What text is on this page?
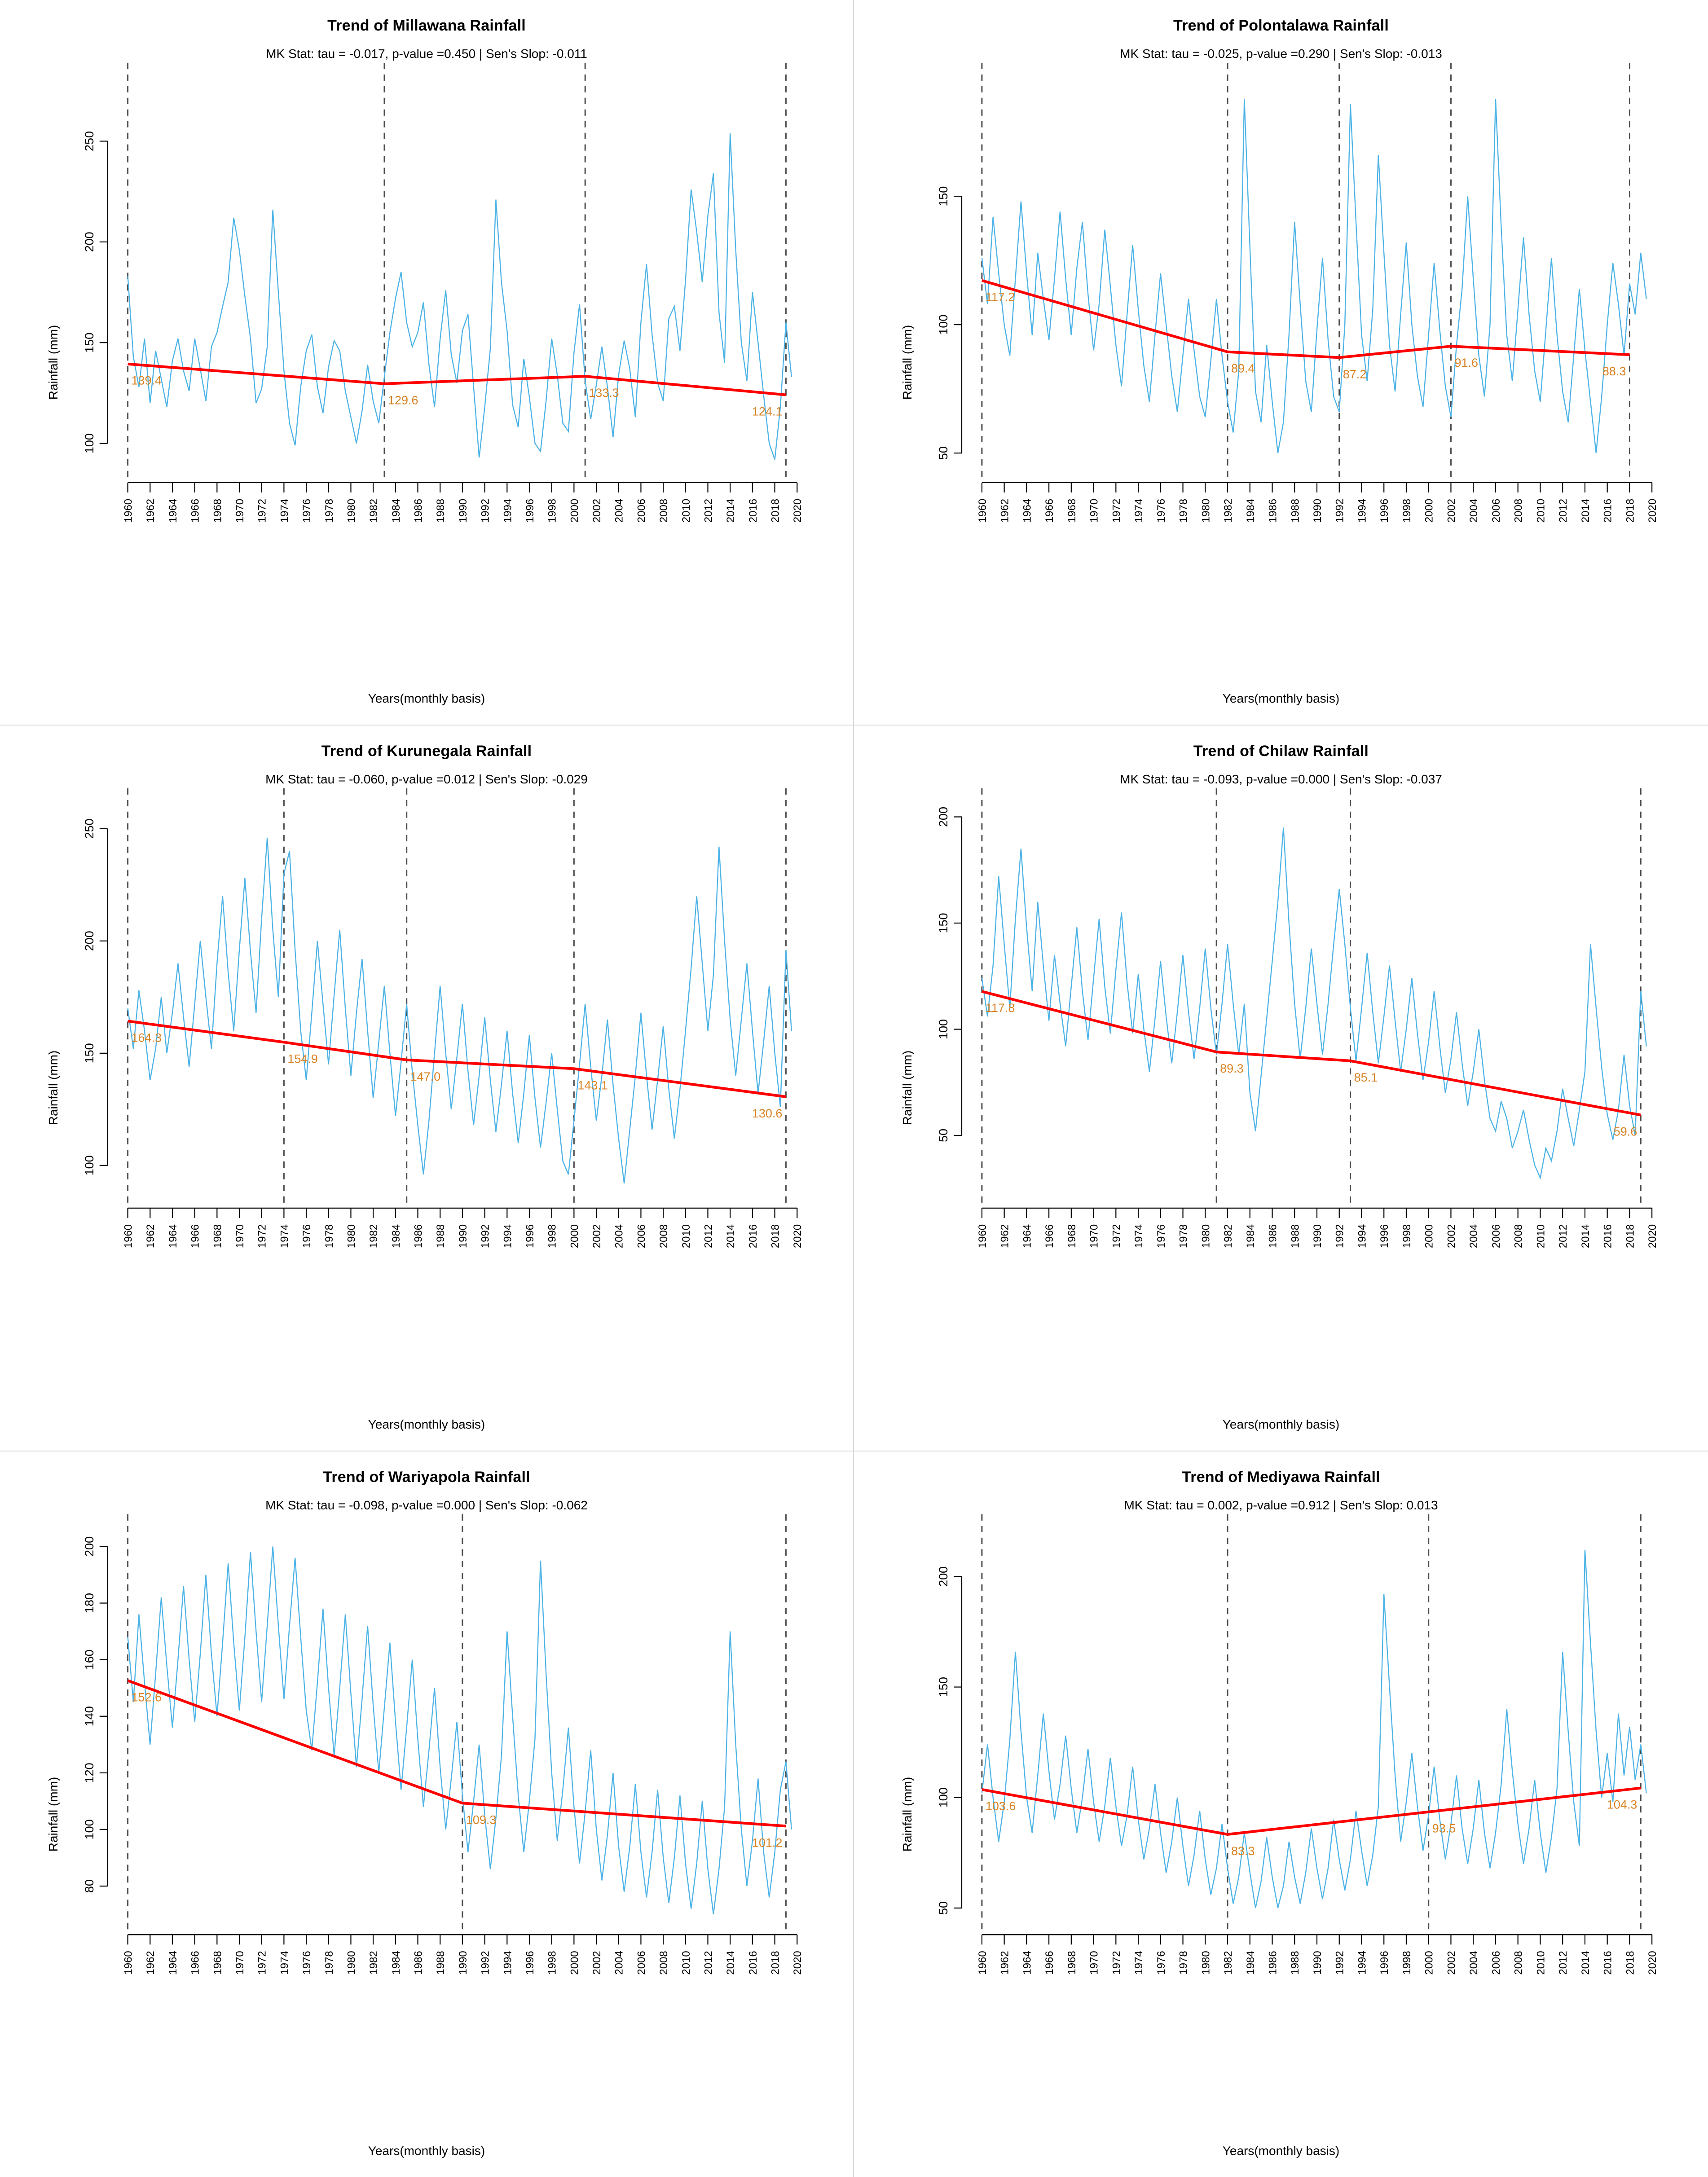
Trend of Millawana Rainfall
MK Stat: tau = -0.017, p-value =0.450 | Sen's Slop: -0.011
Rainfall (mm)
Years(monthly basis)
100
150
200
250
1960 1962 1964 1966 1968 1970 1972 1974 1976 1978 1980 1982 1984 1986 1988 1990 1992 1994 1996 1998 2000 2002 2004 2006 2008 2010 2012 2014 2016 2018 2020
139.4
129.6
133.3
124.1
Trend of Polontalawa Rainfall
MK Stat: tau = -0.025, p-value =0.290 | Sen's Slop: -0.013
Rainfall (mm)
Years(monthly basis)
50
100
150
1960 1962 1964 1966 1968 1970 1972 1974 1976 1978 1980 1982 1984 1986 1988 1990 1992 1994 1996 1998 2000 2002 2004 2006 2008 2010 2012 2014 2016 2018 2020
117.2
89.4	87.2
91.6
88.3
Trend of Kurunegala Rainfall
MK Stat: tau = -0.060, p-value =0.012 | Sen's Slop: -0.029
Rainfall (mm)
Years(monthly basis)
100
150
200
250
1960 1962 1964 1966 1968 1970 1972 1974 1976 1978 1980 1982 1984 1986 1988 1990 1992 1994 1996 1998 2000 2002 2004 2006 2008 2010 2012 2014 2016 2018 2020
164.3
154.9
147.0
143.1
130.6
Trend of Chilaw Rainfall
MK Stat: tau = -0.093, p-value =0.000 | Sen's Slop: -0.037
Rainfall (mm)
Years(monthly basis)
50
100
150
200
1960 1962 1964 1966 1968 1970 1972 1974 1976 1978 1980 1982 1984 1986 1988 1990 1992 1994 1996 1998 2000 2002 2004 2006 2008 2010 2012 2014 2016 2018 2020
117.8
89.3
85.1
59.6
Trend of Wariyapola Rainfall
MK Stat: tau = -0.098, p-value =0.000 | Sen's Slop: -0.062
Rainfall (mm)
Years(monthly basis)
80
100
120
140
160
180
200
1960 1962 1964 1966 1968 1970 1972 1974 1976 1978 1980 1982 1984 1986 1988 1990 1992 1994 1996 1998 2000 2002 2004 2006 2008 2010 2012 2014 2016 2018 2020
152.6
109.3
101.2
Trend of Mediyawa Rainfall
MK Stat: tau = 0.002, p-value =0.912 | Sen's Slop: 0.013
Rainfall (mm)
Years(monthly basis)
50
100
150
200
1960 1962 1964 1966 1968 1970 1972 1974 1976 1978 1980 1982 1984 1986 1988 1990 1992 1994 1996 1998 2000 2002 2004 2006 2008 2010 2012 2014 2016 2018 2020
103.6
83.3
93.5
104.3
